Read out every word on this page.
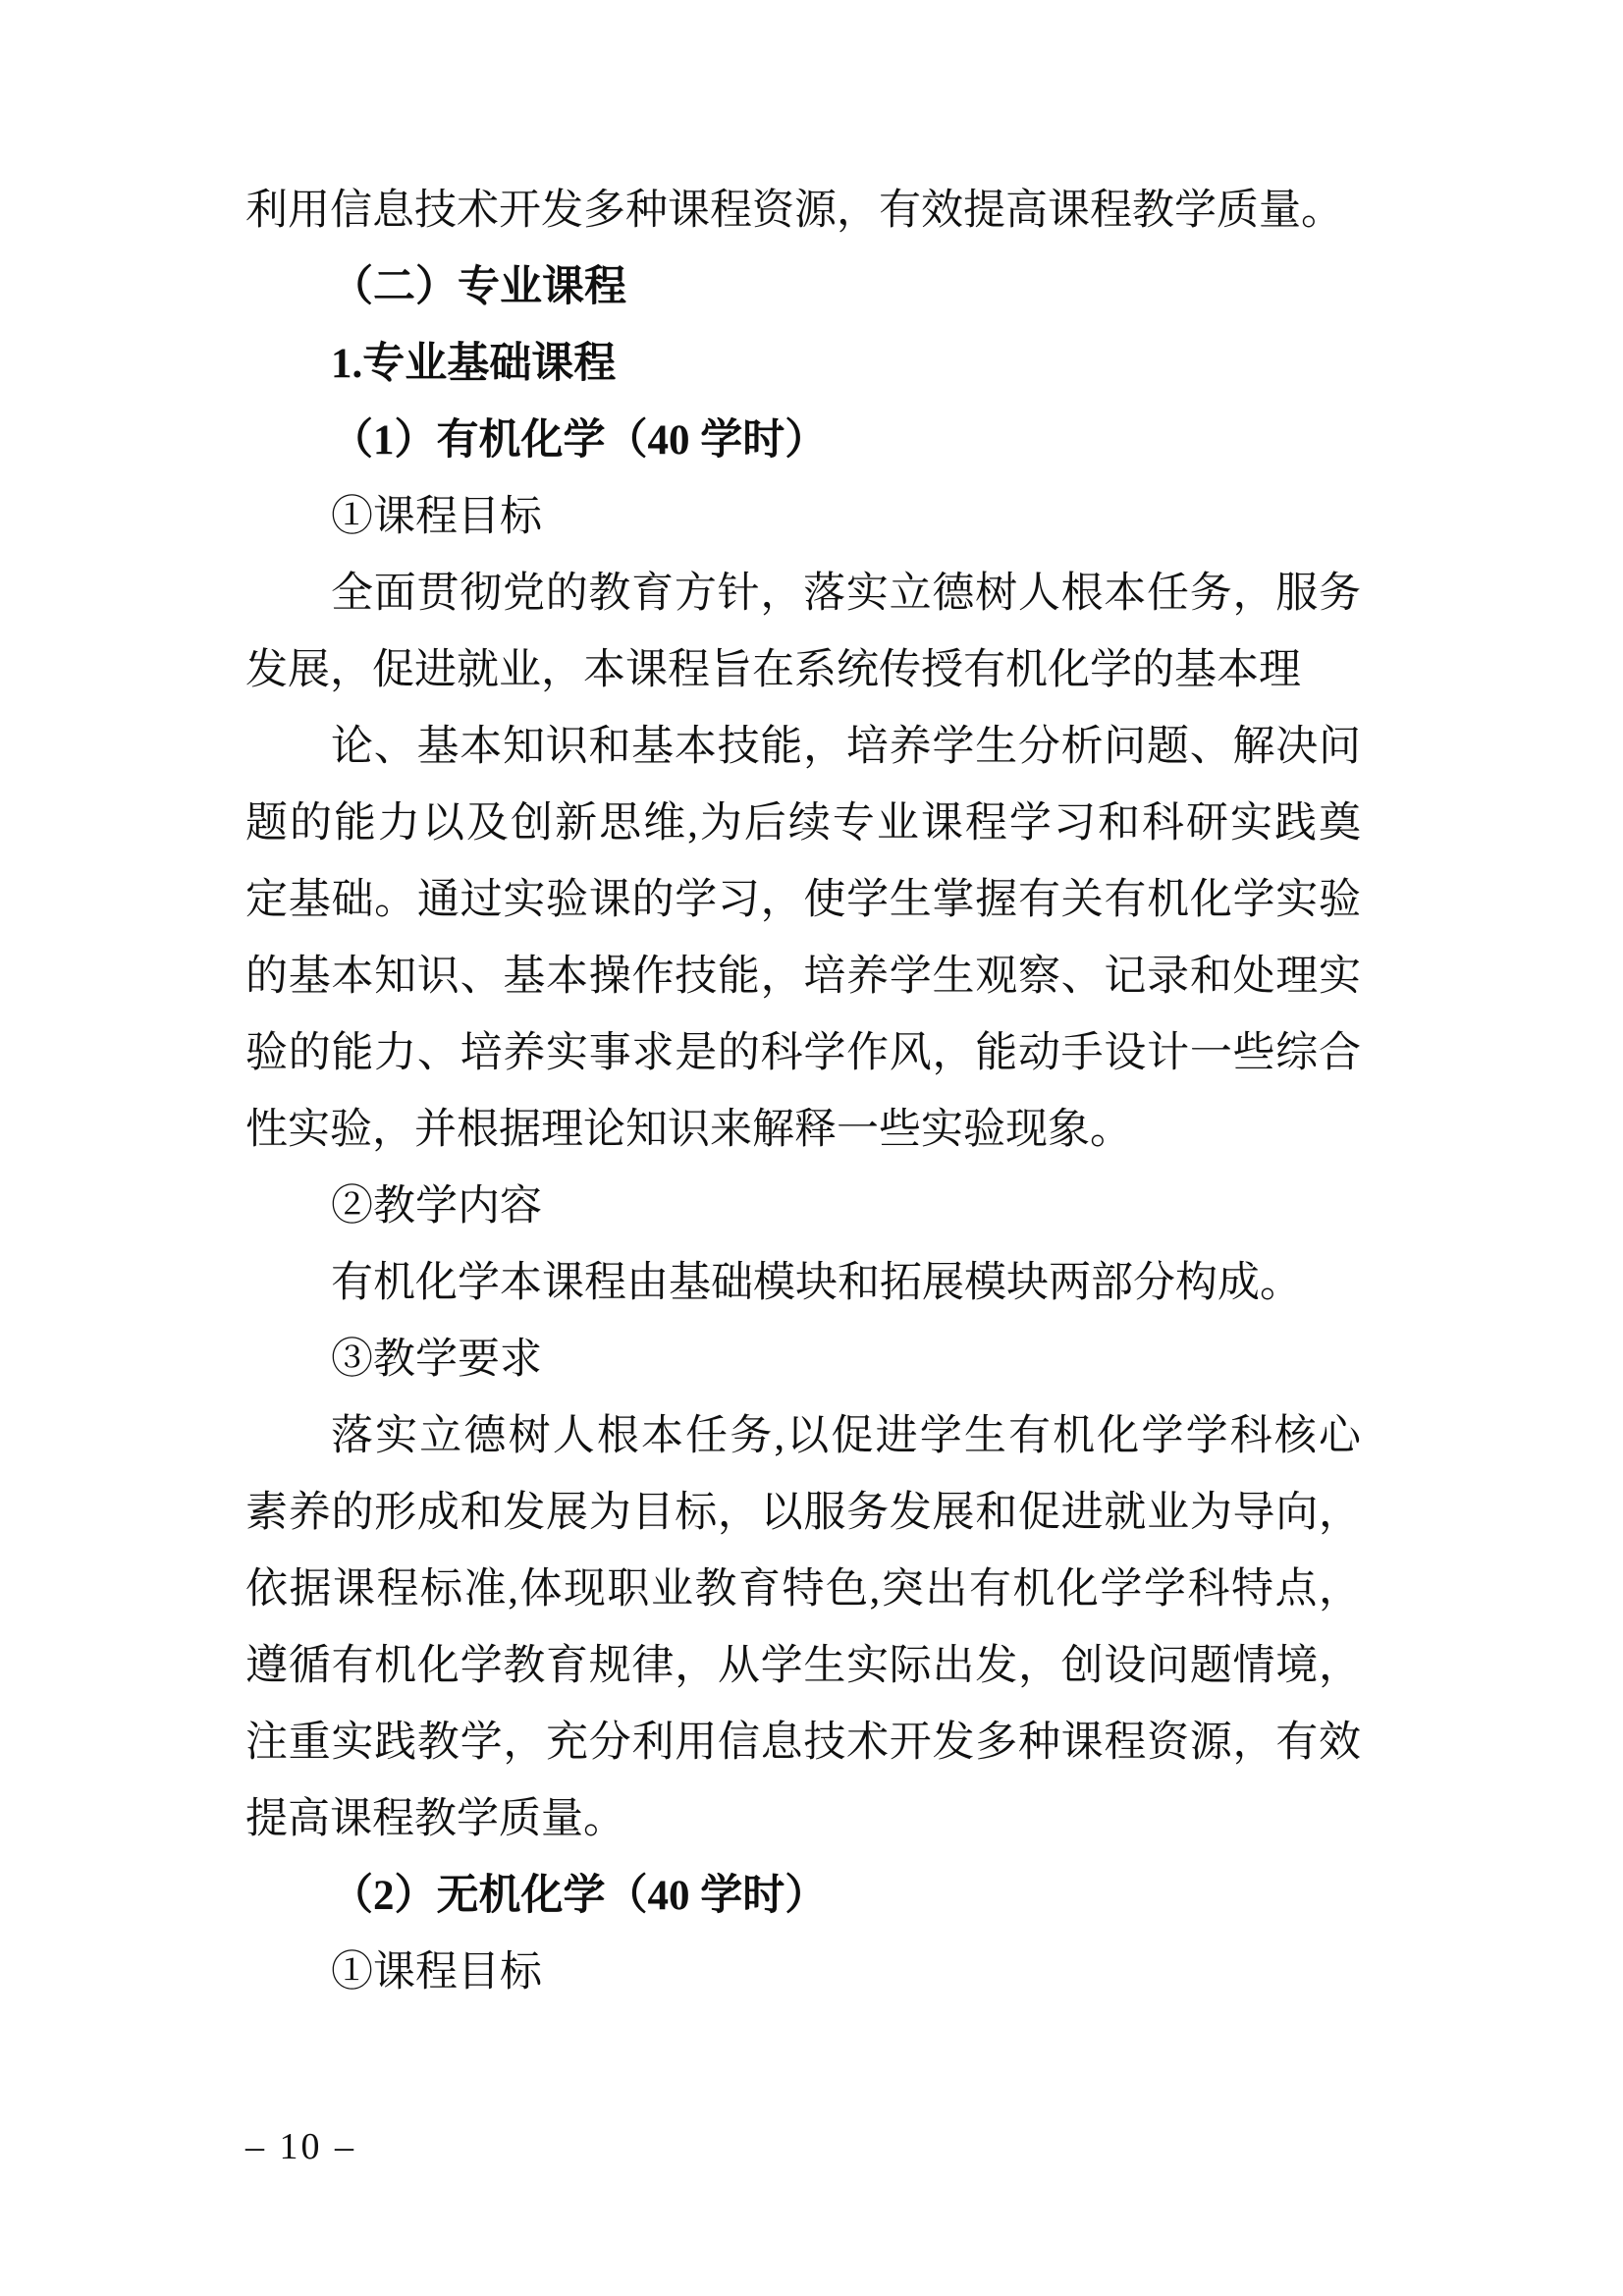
利用信息技术开发多种课程资源，有效提高课程教学质量。
（二）专业课程
1.专业基础课程
（1）有机化学（40 学时）
①课程目标
全面贯彻党的教育方针，落实立德树人根本任务，服务
发展，促进就业，本课程旨在系统传授有机化学的基本理
论、基本知识和基本技能，培养学生分析问题、解决问
题的能力以及创新思维,为后续专业课程学习和科研实践奠
定基础。通过实验课的学习，使学生掌握有关有机化学实验
的基本知识、基本操作技能，培养学生观察、记录和处理实
验的能力、培养实事求是的科学作风，能动手设计一些综合
性实验，并根据理论知识来解释一些实验现象。
②教学内容
有机化学本课程由基础模块和拓展模块两部分构成。
③教学要求
落实立德树人根本任务,以促进学生有机化学学科核心
素养的形成和发展为目标，以服务发展和促进就业为导向，
依据课程标准,体现职业教育特色,突出有机化学学科特点，
遵循有机化学教育规律，从学生实际出发，创设问题情境，
注重实践教学，充分利用信息技术开发多种课程资源，有效
提高课程教学质量。
（2）无机化学（40 学时）
①课程目标
– 10 –
